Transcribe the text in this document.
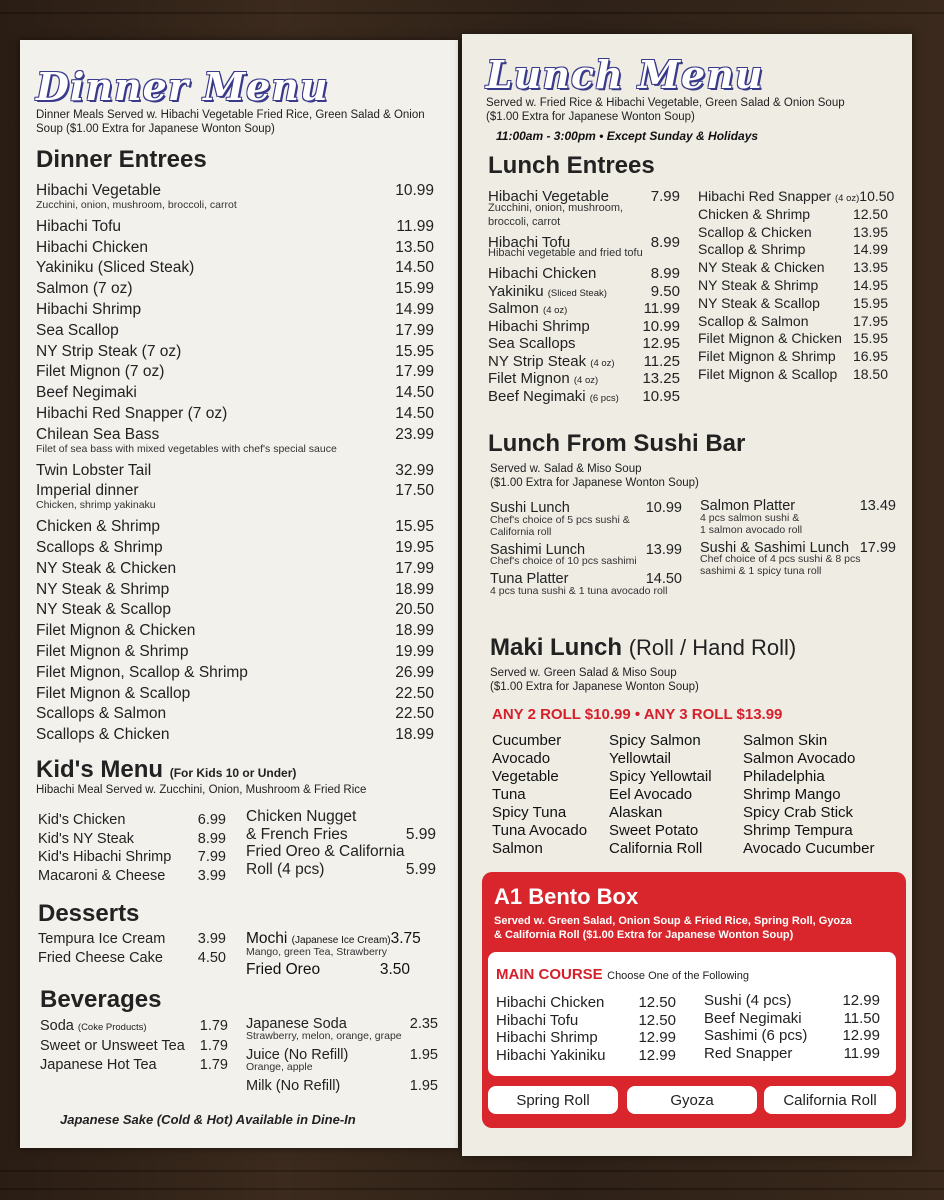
Dinner Menu
Dinner Meals Served w. Hibachi Vegetable Fried Rice, Green Salad & Onion Soup ($1.00 Extra for Japanese Wonton Soup)
Dinner Entrees
Hibachi Vegetable	10.99
Zucchini, onion, mushroom, broccoli, carrot
Hibachi Tofu	11.99
Hibachi Chicken	13.50
Yakiniku (Sliced Steak)	14.50
Salmon (7 oz)	15.99
Hibachi Shrimp	14.99
Sea Scallop	17.99
NY Strip Steak (7 oz)	15.95
Filet Mignon (7 oz)	17.99
Beef Negimaki	14.50
Hibachi Red Snapper (7 oz)	14.50
Chilean Sea Bass	23.99
Filet of sea bass with mixed vegetables with chef's special sauce
Twin Lobster Tail	32.99
Imperial dinner	17.50
Chicken, shrimp yakinaku
Chicken & Shrimp	15.95
Scallops & Shrimp	19.95
NY Steak & Chicken	17.99
NY Steak & Shrimp	18.99
NY Steak & Scallop	20.50
Filet Mignon & Chicken	18.99
Filet Mignon & Shrimp	19.99
Filet Mignon, Scallop & Shrimp	26.99
Filet Mignon & Scallop	22.50
Scallops & Salmon	22.50
Scallops & Chicken	18.99
Kid's Menu (For Kids 10 or Under)
Hibachi Meal Served w. Zucchini, Onion, Mushroom & Fried Rice
Kid's Chicken	6.99
Kid's NY Steak	8.99
Kid's Hibachi Shrimp 7.99
Macaroni & Cheese 3.99
Chicken Nugget
& French Fries	5.99
Fried Oreo & California
Roll (4 pcs)	5.99
Desserts
Tempura Ice Cream 3.99
Fried Cheese Cake 4.50
Mochi (Japanese Ice Cream) 3.75
Mango, green Tea, Strawberry
Fried Oreo	3.50
Beverages
Soda (Coke Products)	1.79
Sweet or Unsweet Tea 1.79
Japanese Hot Tea	1.79
Japanese Soda	2.35
Strawberry, melon, orange, grape
Juice (No Refill)	1.95
Orange, apple
Milk (No Refill)	1.95
Japanese Sake (Cold & Hot) Available in Dine-In
Lunch Menu
Served w. Fried Rice & Hibachi Vegetable, Green Salad & Onion Soup
($1.00 Extra for Japanese Wonton Soup)
11:00am - 3:00pm • Except Sunday & Holidays
Lunch Entrees
Hibachi Vegetable	7.99
Zucchini, onion, mushroom,
broccoli, carrot
Hibachi Tofu	8.99
Hibachi vegetable and fried tofu
Hibachi Chicken	8.99
Yakiniku (Sliced Steak)	9.50
Salmon (4 oz)	11.99
Hibachi Shrimp	10.99
Sea Scallops	12.95
NY Strip Steak (4 oz) 11.25
Filet Mignon (4 oz)	13.25
Beef Negimaki (6 pcs) 10.95
Hibachi Red Snapper (4 oz) 10.50
Chicken & Shrimp	12.50
Scallop & Chicken	13.95
Scallop & Shrimp	14.99
NY Steak & Chicken 13.95
NY Steak & Shrimp 14.95
NY Steak & Scallop 15.95
Scallop & Salmon	17.95
Filet Mignon & Chicken 15.95
Filet Mignon & Shrimp 16.95
Filet Mignon & Scallop 18.50
Lunch From Sushi Bar
Served w. Salad & Miso Soup
($1.00 Extra for Japanese Wonton Soup)
Sushi Lunch	10.99
Chef's choice of 5 pcs sushi &
California roll
Sashimi Lunch	13.99
Chef's choice of 10 pcs sashimi
Tuna Platter	14.50
4 pcs tuna sushi & 1 tuna avocado roll
Salmon Platter	13.49
4 pcs salmon sushi &
1 salmon avocado roll
Sushi & Sashimi Lunch 17.99
Chef choice of 4 pcs sushi & 8 pcs
sashimi & 1 spicy tuna roll
Maki Lunch (Roll / Hand Roll)
Served w. Green Salad & Miso Soup
($1.00 Extra for Japanese Wonton Soup)
ANY 2 ROLL $10.99 • ANY 3 ROLL $13.99
Cucumber
Avocado
Vegetable
Tuna
Spicy Tuna
Tuna Avocado
Salmon
Spicy Salmon
Yellowtail
Spicy Yellowtail
Eel Avocado
Alaskan
Sweet Potato
California Roll
Salmon Skin
Salmon Avocado
Philadelphia
Shrimp Mango
Spicy Crab Stick
Shrimp Tempura
Avocado Cucumber
A1 Bento Box
Served w. Green Salad, Onion Soup & Fried Rice, Spring Roll, Gyoza
& California Roll ($1.00 Extra for Japanese Wonton Soup)
MAIN COURSE Choose One of the Following
Hibachi Chicken 12.50
Hibachi Tofu	12.50
Hibachi Shrimp	12.99
Hibachi Yakiniku 12.99
Sushi (4 pcs)	12.99
Beef Negimaki	11.50
Sashimi (6 pcs) 12.99
Red Snapper	11.99
Spring Roll	Gyoza	California Roll
